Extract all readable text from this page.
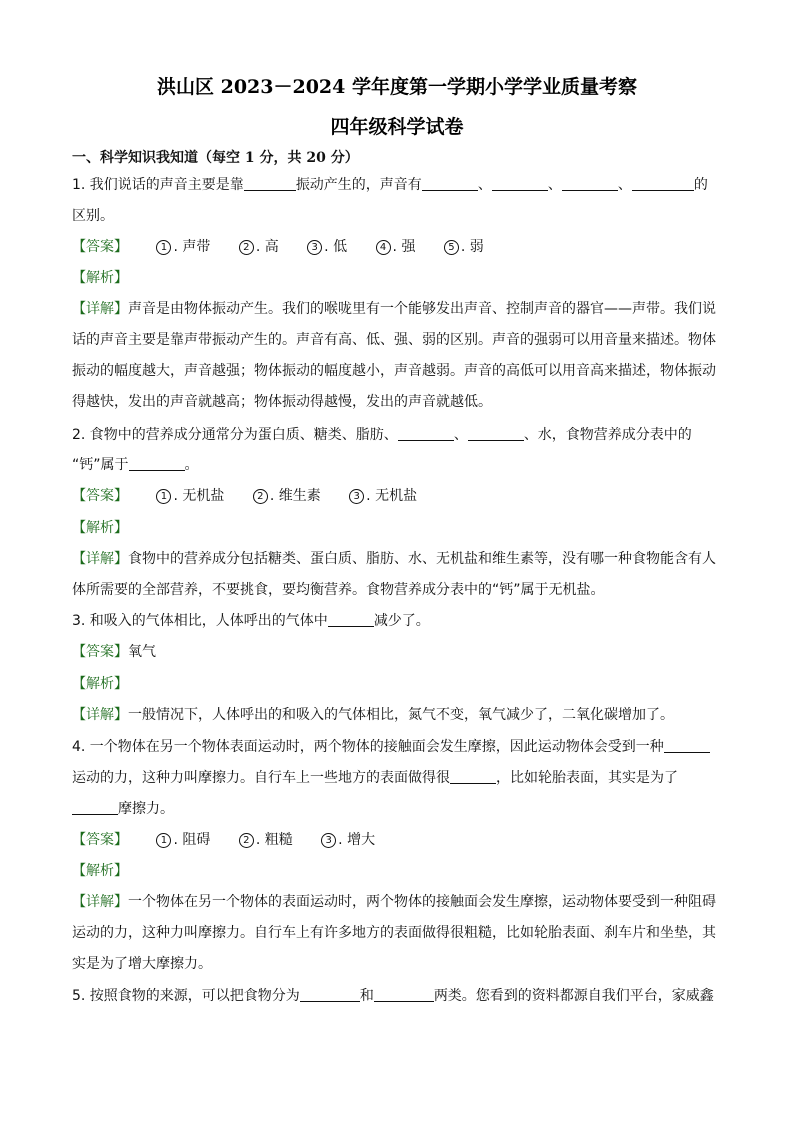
洪山区 2023－2024 学年度第一学期小学学业质量考察
四年级科学试卷
一、科学知识我知道（每空 1 分，共 20 分）
1. 我们说话的声音主要是靠	振动产生的，声音有	、	、	、	的
区别。
【答案】	1 . 声带	2 . 高	3 . 低	4 . 强	5 . 弱
【解析】
【详解】声音是由物体振动产生。我们的喉咙里有一个能够发出声音、控制声音的器官——声带。我们说
话的声音主要是靠声带振动产生的。声音有高、低、强、弱的区别。声音的强弱可以用音量来描述。物体
振动的幅度越大，声音越强；物体振动的幅度越小，声音越弱。声音的高低可以用音高来描述，物体振动
得越快，发出的声音就越高；物体振动得越慢，发出的声音就越低。
2. 食物中的营养成分通常分为蛋白质、糖类、脂肪、	、	、水，食物营养成分表中的
“钙”属于	。
【答案】	1 . 无机盐	2 . 维生素	3 . 无机盐
【解析】
【详解】食物中的营养成分包括糖类、蛋白质、脂肪、水、无机盐和维生素等，没有哪一种食物能含有人
体所需要的全部营养，不要挑食，要均衡营养。食物营养成分表中的“钙”属于无机盐。
3. 和吸入的气体相比，人体呼出的气体中	减少了。
【答案】氧气
【解析】
【详解】一般情况下，人体呼出的和吸入的气体相比，氮气不变，氧气减少了，二氧化碳增加了。
4. 一个物体在另一个物体表面运动时，两个物体的接触面会发生摩擦，因此运动物体会受到一种
运动的力，这种力叫摩擦力。自行车上一些地方的表面做得很	，比如轮胎表面，其实是为了
摩擦力。
【答案】	1 . 阻碍	2 . 粗糙	3 . 增大
【解析】
【详解】一个物体在另一个物体的表面运动时，两个物体的接触面会发生摩擦，运动物体要受到一种阻碍
运动的力，这种力叫摩擦力。自行车上有许多地方的表面做得很粗糙，比如轮胎表面、刹车片和坐垫，其
实是为了增大摩擦力。
5. 按照食物的来源，可以把食物分为	和	两类。您看到的资料都源自我们平台，家威鑫
